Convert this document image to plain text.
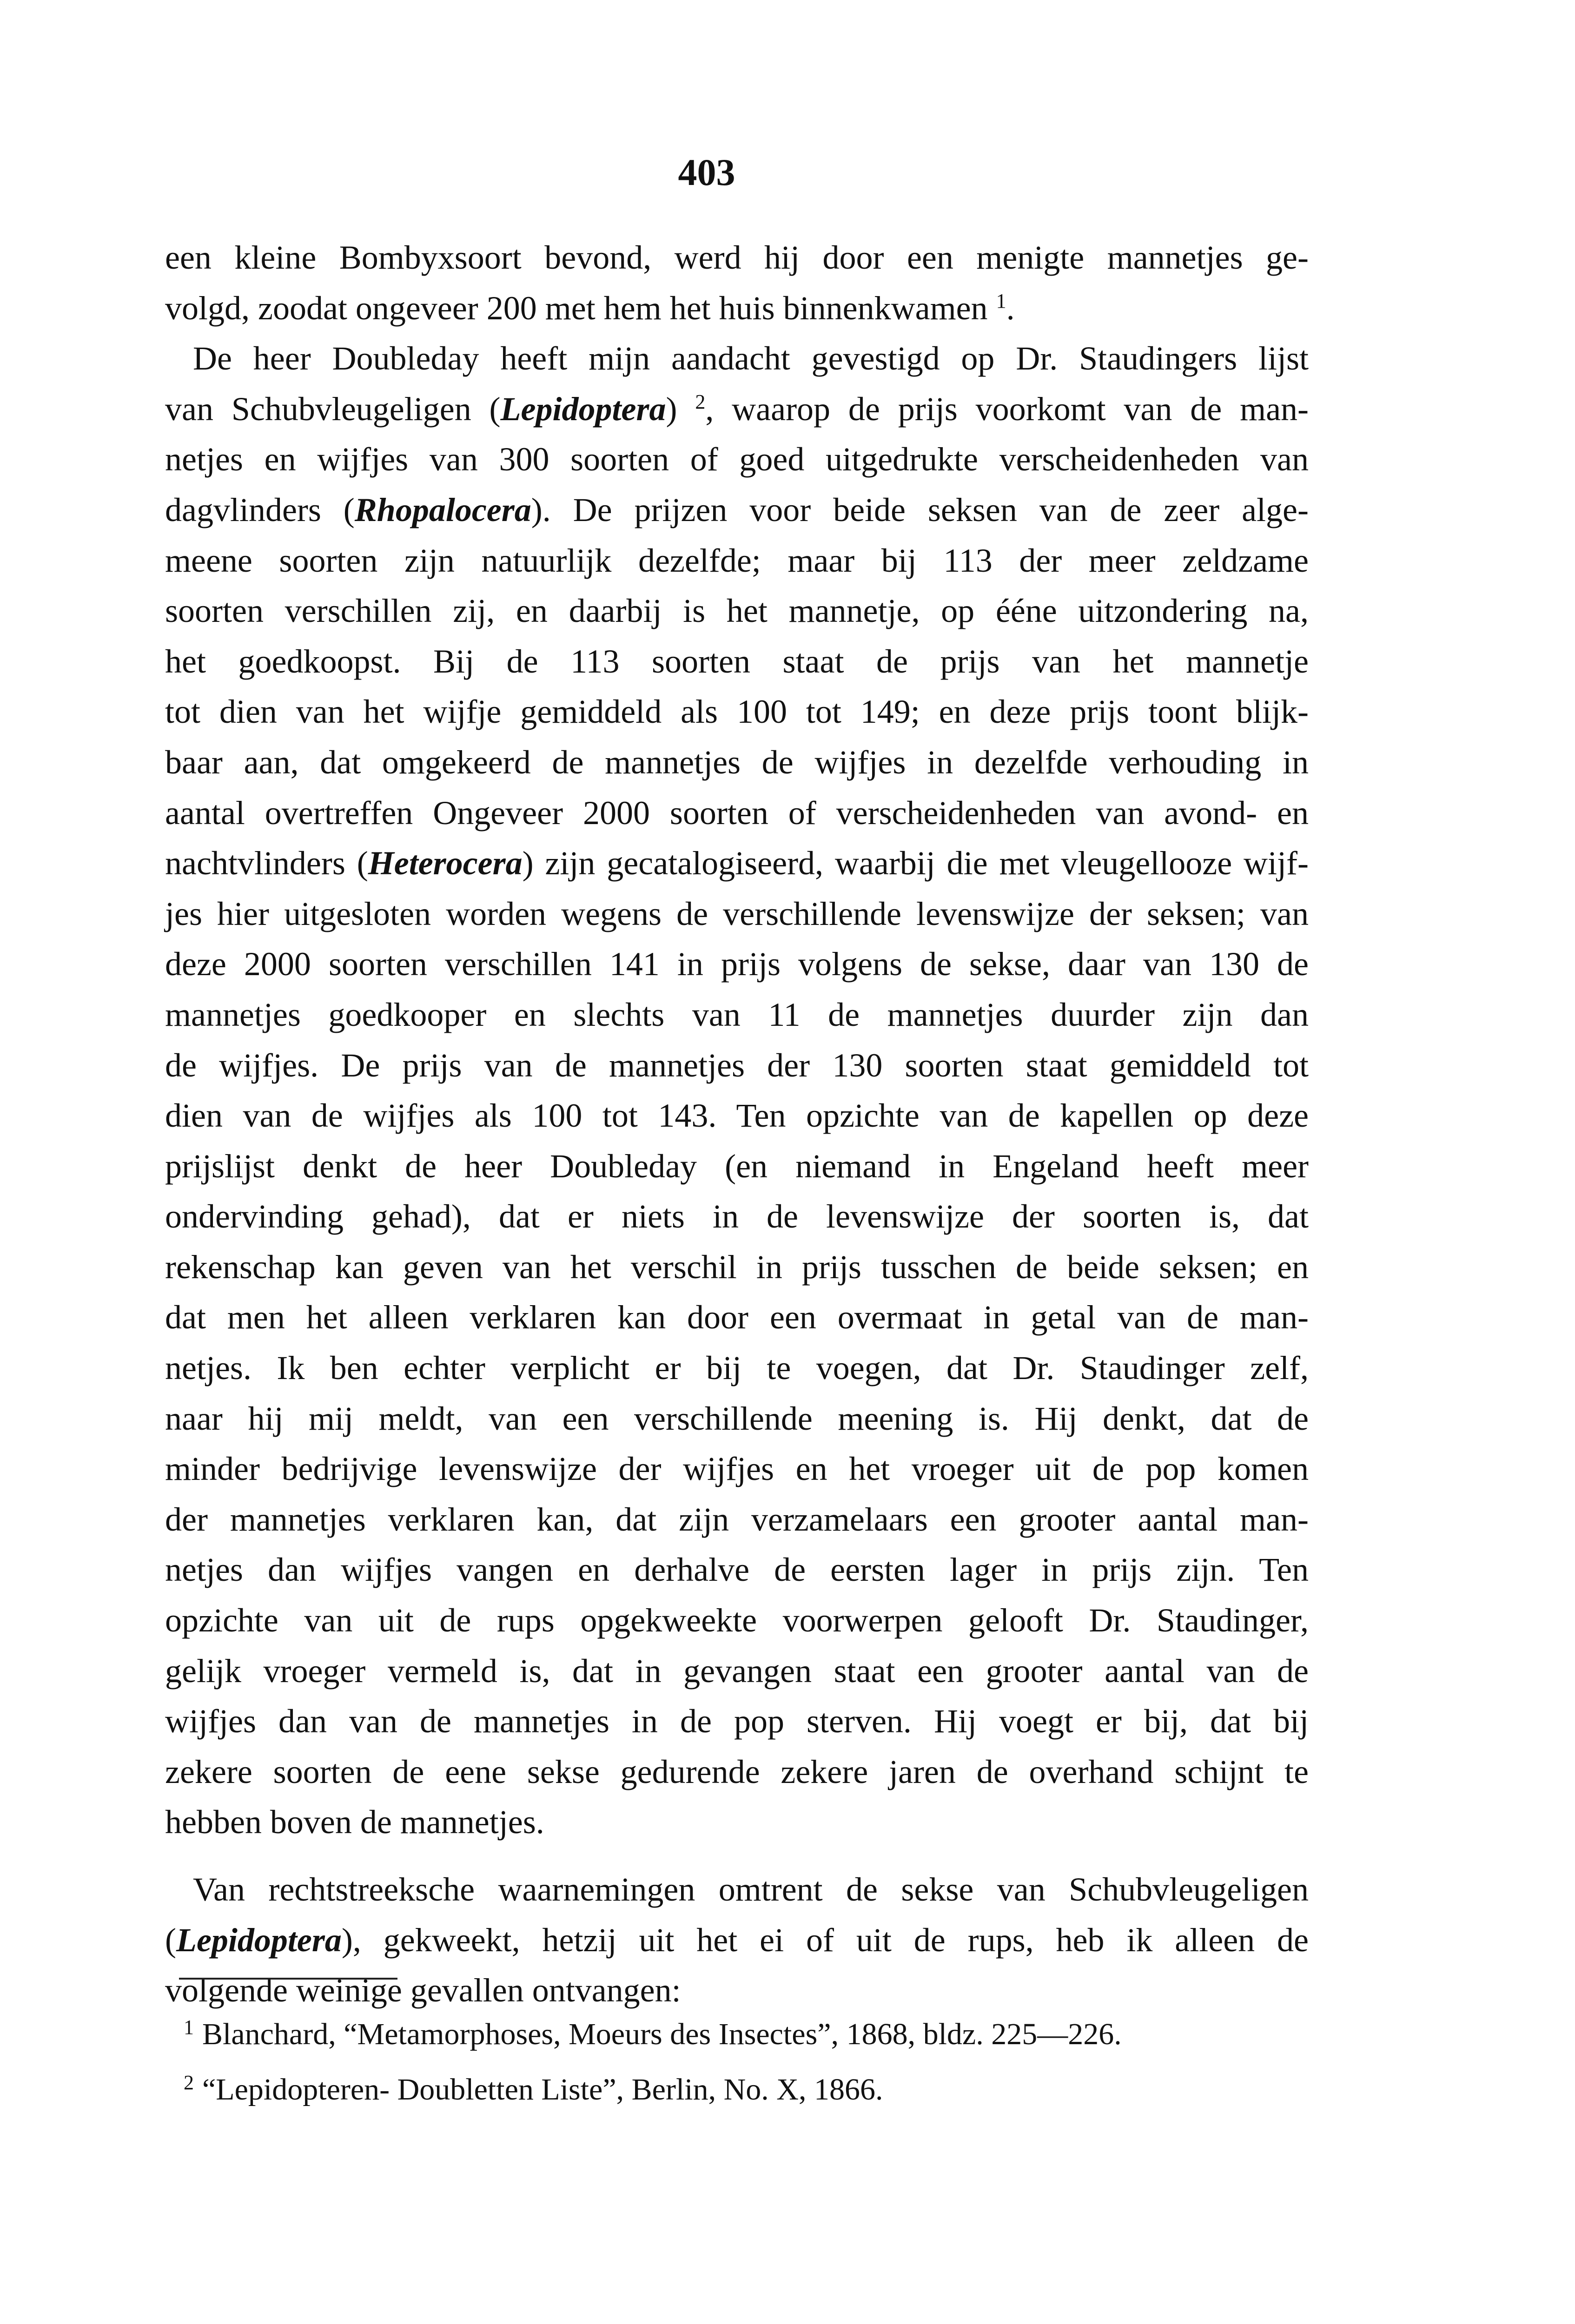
403
een kleine Bombyxsoort bevond, werd hij door een menigte mannetjes ge-
volgd, zoodat ongeveer 200 met hem het huis binnenkwamen $^1$.
De heer Doubleday heeft mijn aandacht gevestigd op Dr. Staudingers lijst
van Schubvleugeligen (Lepidoptera) $^2$, waarop de prijs voorkomt van de man-
netjes en wijfjes van 300 soorten of goed uitgedrukte verscheidenheden van
dagvlinders (Rhopalocera). De prijzen voor beide seksen van de zeer alge-
meene soorten zijn natuurlijk dezelfde; maar bij 113 der meer zeldzame
soorten verschillen zij, en daarbij is het mannetje, op ééne uitzondering na,
het goedkoopst. Bij de 113 soorten staat de prijs van het mannetje
tot dien van het wijfje gemiddeld als 100 tot 149; en deze prijs toont blijk-
baar aan, dat omgekeerd de mannetjes de wijfjes in dezelfde verhouding in
aantal overtreffen Ongeveer 2000 soorten of verscheidenheden van avond- en
nachtvlinders (Heterocera) zijn gecatalogiseerd, waarbij die met vleugellooze wijf-
jes hier uitgesloten worden wegens de verschillende levenswijze der seksen; van
deze 2000 soorten verschillen 141 in prijs volgens de sekse, daar van 130 de
mannetjes goedkooper en slechts van 11 de mannetjes duurder zijn dan
de wijfjes. De prijs van de mannetjes der 130 soorten staat gemiddeld tot
dien van de wijfjes als 100 tot 143. Ten opzichte van de kapellen op deze
prijslijst denkt de heer Doubleday (en niemand in Engeland heeft meer
ondervinding gehad), dat er niets in de levenswijze der soorten is, dat
rekenschap kan geven van het verschil in prijs tusschen de beide seksen; en
dat men het alleen verklaren kan door een overmaat in getal van de man-
netjes. Ik ben echter verplicht er bij te voegen, dat Dr. Staudinger zelf,
naar hij mij meldt, van een verschillende meening is. Hij denkt, dat de
minder bedrijvige levenswijze der wijfjes en het vroeger uit de pop komen
der mannetjes verklaren kan, dat zijn verzamelaars een grooter aantal man-
netjes dan wijfjes vangen en derhalve de eersten lager in prijs zijn. Ten
opzichte van uit de rups opgekweekte voorwerpen gelooft Dr. Staudinger,
gelijk vroeger vermeld is, dat in gevangen staat een grooter aantal van de
wijfjes dan van de mannetjes in de pop sterven. Hij voegt er bij, dat bij
zekere soorten de eene sekse gedurende zekere jaren de overhand schijnt te
hebben boven de mannetjes.
Van rechtstreeksche waarnemingen omtrent de sekse van Schubvleugeligen
(Lepidoptera), gekweekt, hetzij uit het ei of uit de rups, heb ik alleen de
volgende weinige gevallen ontvangen:
1 Blanchard, “Metamorphoses, Moeurs des Insectes”, 1868, bldz. 225—226.
2 “Lepidopteren- Doubletten Liste”, Berlin, No. X, 1866.
